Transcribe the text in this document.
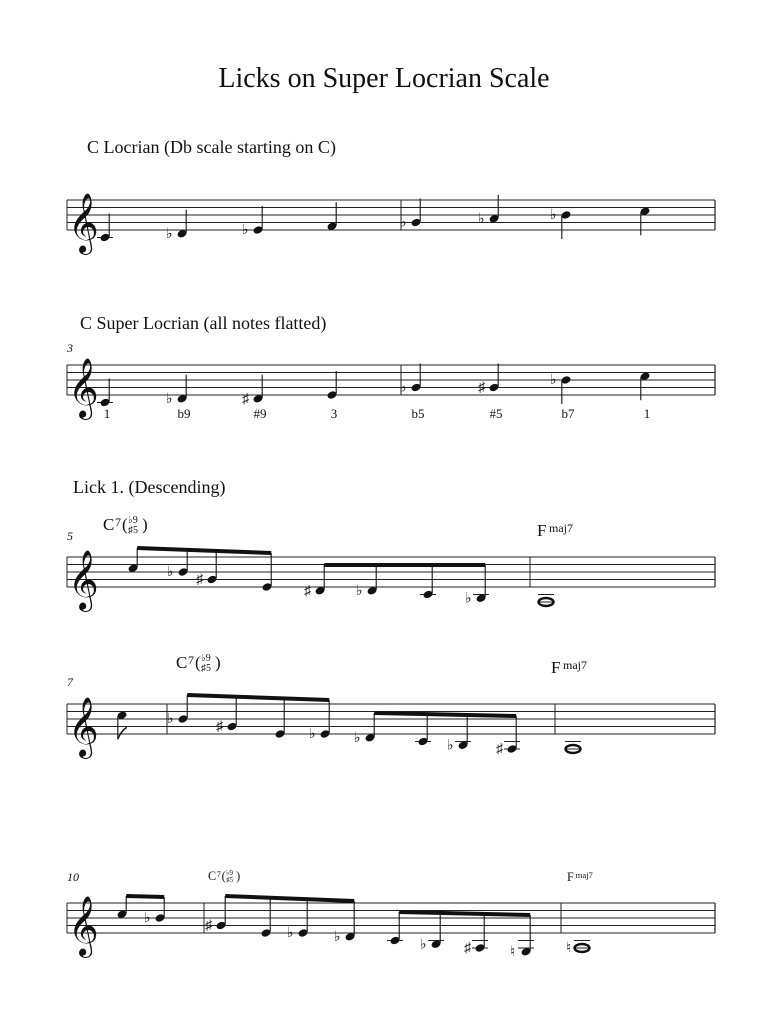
Licks on Super Locrian Scale
C Locrian (Db scale starting on C)
𝄞	♭	♭	♭	♭	♭
C Super Locrian (all notes flatted)
3
𝄞	♭	♯
♭	♯	♭
1	b9	#9	3	b5	#5	b7	1
Lick 1. (Descending)
5
𝄞
C 7 ( ♭9
♯5 )	F maj7
♭ ♯
♯	♭	♭
7
𝄞
C 7 ( ♭9
♯5 )	F maj7
♭	♯	♭	♭	♭	♯
10
𝄞
C 7 ( ♭9
♯5 )	F maj7
♭	♯	♭	♭	♭	♯	♮	♮
